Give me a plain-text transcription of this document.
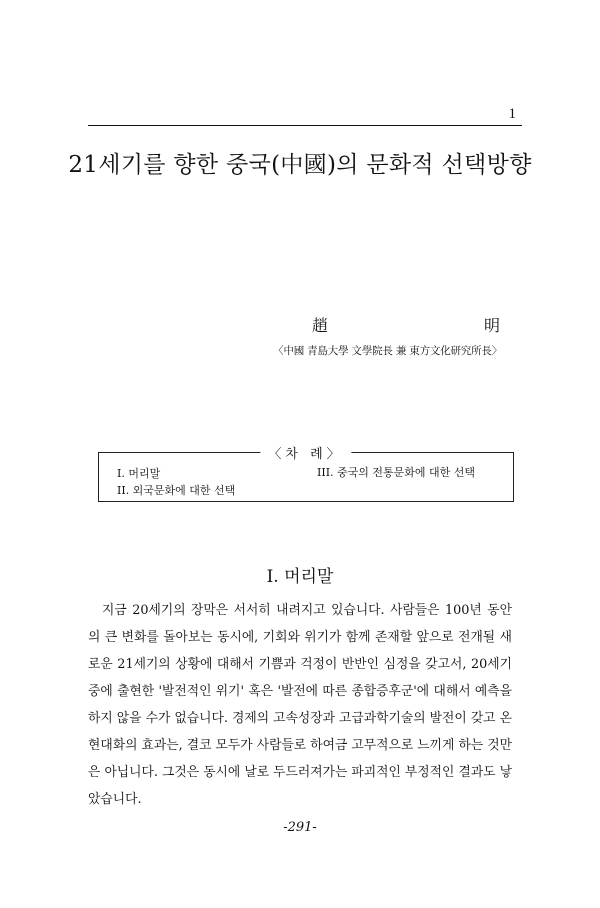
1
21세기를 향한 중국(中國)의 문화적 선택방향
趙	明
〈中國 青島大學 文學院長 兼 東方文化研究所長〉
〈차 례〉
I. 머리말
II. 외국문화에 대한 선택
III. 중국의 전통문화에 대한 선택
I. 머리말

지금 20세기의 장막은 서서히 내려지고 있습니다. 사람들은 100년 동안의 큰 변화를 돌아보는 동시에, 기회와 위기가 함께 존재할 앞으로 전개될 새로운 21세기의 상황에 대해서 기쁨과 걱정이 반반인 심정을 갖고서, 20세기 중에 출현한 '발전적인 위기' 혹은 '발전에 따른 종합증후군'에 대해서 예측을 하지 않을 수가 없습니다. 경제의 고속성장과 고급과학기술의 발전이 갖고 온 현대화의 효과는, 결코 모두가 사람들로 하여금 고무적으로 느끼게 하는 것만은 아닙니다. 그것은 동시에 날로 두드러져가는 파괴적인 부정적인 결과도 낳았습니다.

-291-
